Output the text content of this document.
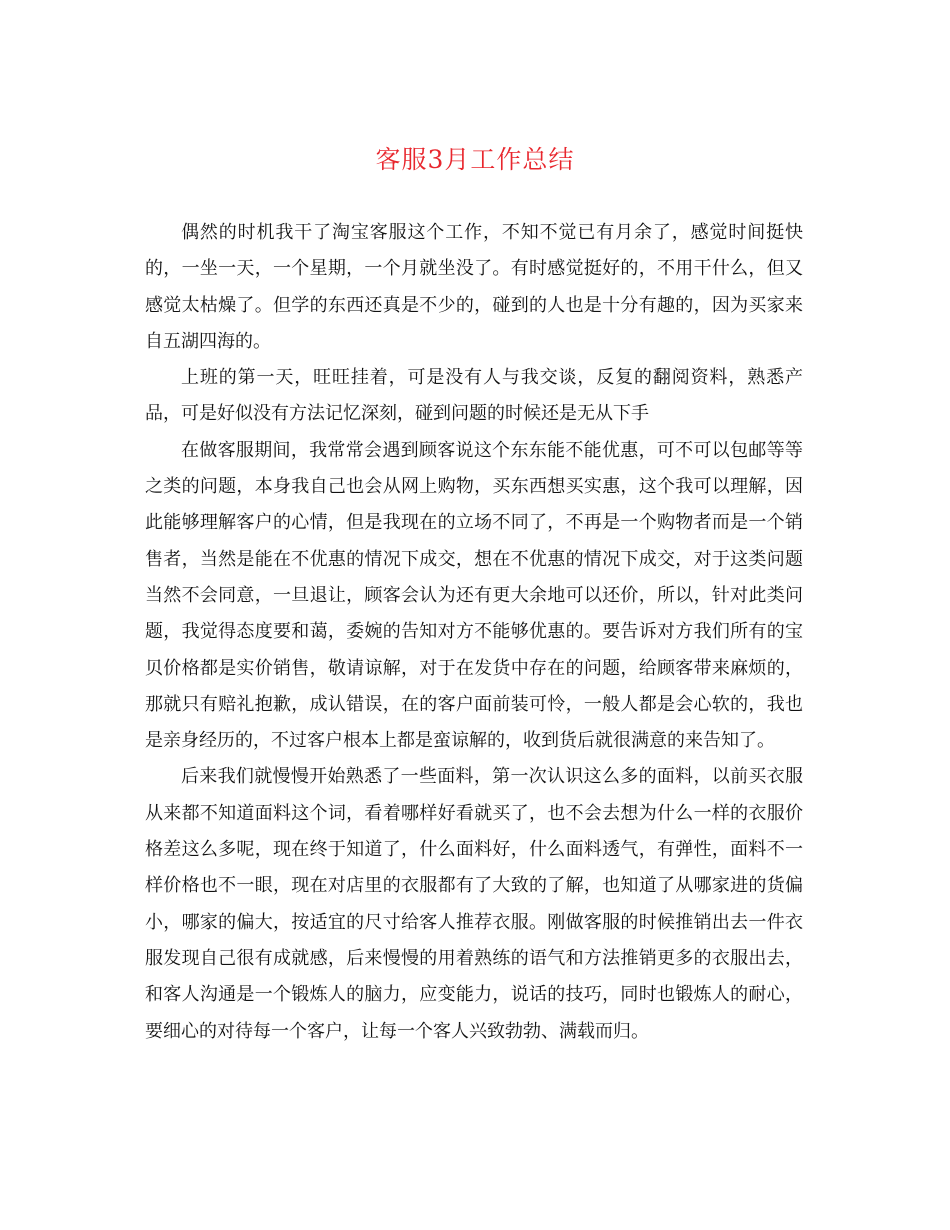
客服3月工作总结

偶然的时机我干了淘宝客服这个工作，不知不觉已有月余了，感觉时间挺快的，一坐一天，一个星期，一个月就坐没了。有时感觉挺好的，不用干什么，但又感觉太枯燥了。但学的东西还真是不少的，碰到的人也是十分有趣的，因为买家来自五湖四海的。

上班的第一天，旺旺挂着，可是没有人与我交谈，反复的翻阅资料，熟悉产品，可是好似没有方法记忆深刻，碰到问题的时候还是无从下手

在做客服期间，我常常会遇到顾客说这个东东能不能优惠，可不可以包邮等等之类的问题，本身我自己也会从网上购物，买东西想买实惠，这个我可以理解，因此能够理解客户的心情，但是我现在的立场不同了，不再是一个购物者而是一个销售者，当然是能在不优惠的情况下成交，想在不优惠的情况下成交，对于这类问题当然不会同意，一旦退让，顾客会认为还有更大余地可以还价，所以，针对此类问题，我觉得态度要和蔼，委婉的告知对方不能够优惠的。要告诉对方我们所有的宝贝价格都是实价销售，敬请谅解，对于在发货中存在的问题，给顾客带来麻烦的，那就只有赔礼抱歉，成认错误，在的客户面前装可怜，一般人都是会心软的，我也是亲身经历的，不过客户根本上都是蛮谅解的，收到货后就很满意的来告知了。

后来我们就慢慢开始熟悉了一些面料，第一次认识这么多的面料，以前买衣服从来都不知道面料这个词，看着哪样好看就买了，也不会去想为什么一样的衣服价格差这么多呢，现在终于知道了，什么面料好，什么面料透气，有弹性，面料不一样价格也不一眼，现在对店里的衣服都有了大致的了解，也知道了从哪家进的货偏小，哪家的偏大，按适宜的尺寸给客人推荐衣服。刚做客服的时候推销出去一件衣服发现自己很有成就感，后来慢慢的用着熟练的语气和方法推销更多的衣服出去，和客人沟通是一个锻炼人的脑力，应变能力，说话的技巧，同时也锻炼人的耐心，要细心的对待每一个客户，让每一个客人兴致勃勃、满载而归。
